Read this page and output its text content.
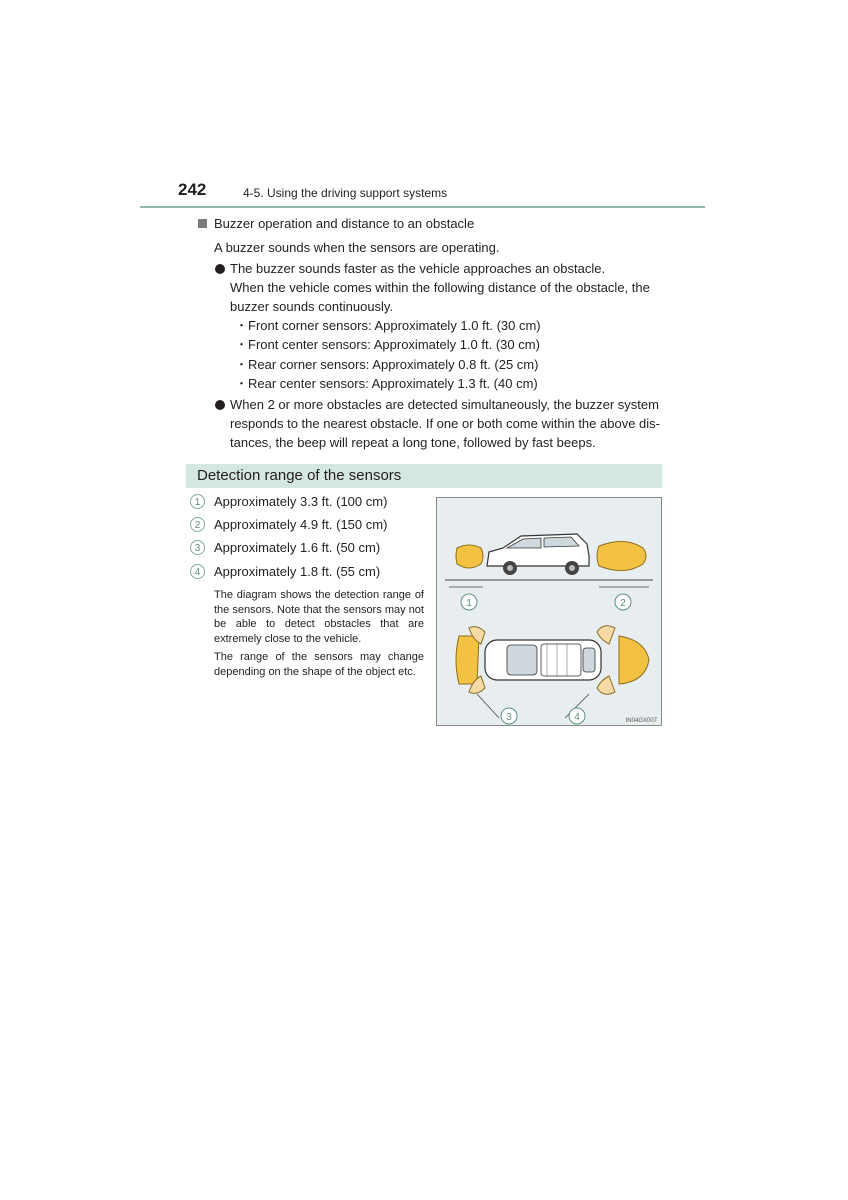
242	4-5. Using the driving support systems
Buzzer operation and distance to an obstacle
A buzzer sounds when the sensors are operating.
The buzzer sounds faster as the vehicle approaches an obstacle.
When the vehicle comes within the following distance of the obstacle, the
buzzer sounds continuously.
・Front corner sensors: Approximately 1.0 ft. (30 cm)
・Front center sensors: Approximately 1.0 ft. (30 cm)
・Rear corner sensors: Approximately 0.8 ft. (25 cm)
・Rear center sensors: Approximately 1.3 ft. (40 cm)
When 2 or more obstacles are detected simultaneously, the buzzer system
responds to the nearest obstacle. If one or both come within the above dis-
tances, the beep will repeat a long tone, followed by fast beeps.
Detection range of the sensors
1	Approximately 3.3 ft. (100 cm)
2	Approximately 4.9 ft. (150 cm)
3	Approximately 1.6 ft. (50 cm)
4	Approximately 1.8 ft. (55 cm)
The diagram shows the detection range of the sensors. Note that the sensors may not be able to detect obstacles that are extremely close to the vehicle.
The range of the sensors may change depending on the shape of the object etc.
1	2
3	4	IN04GX007
